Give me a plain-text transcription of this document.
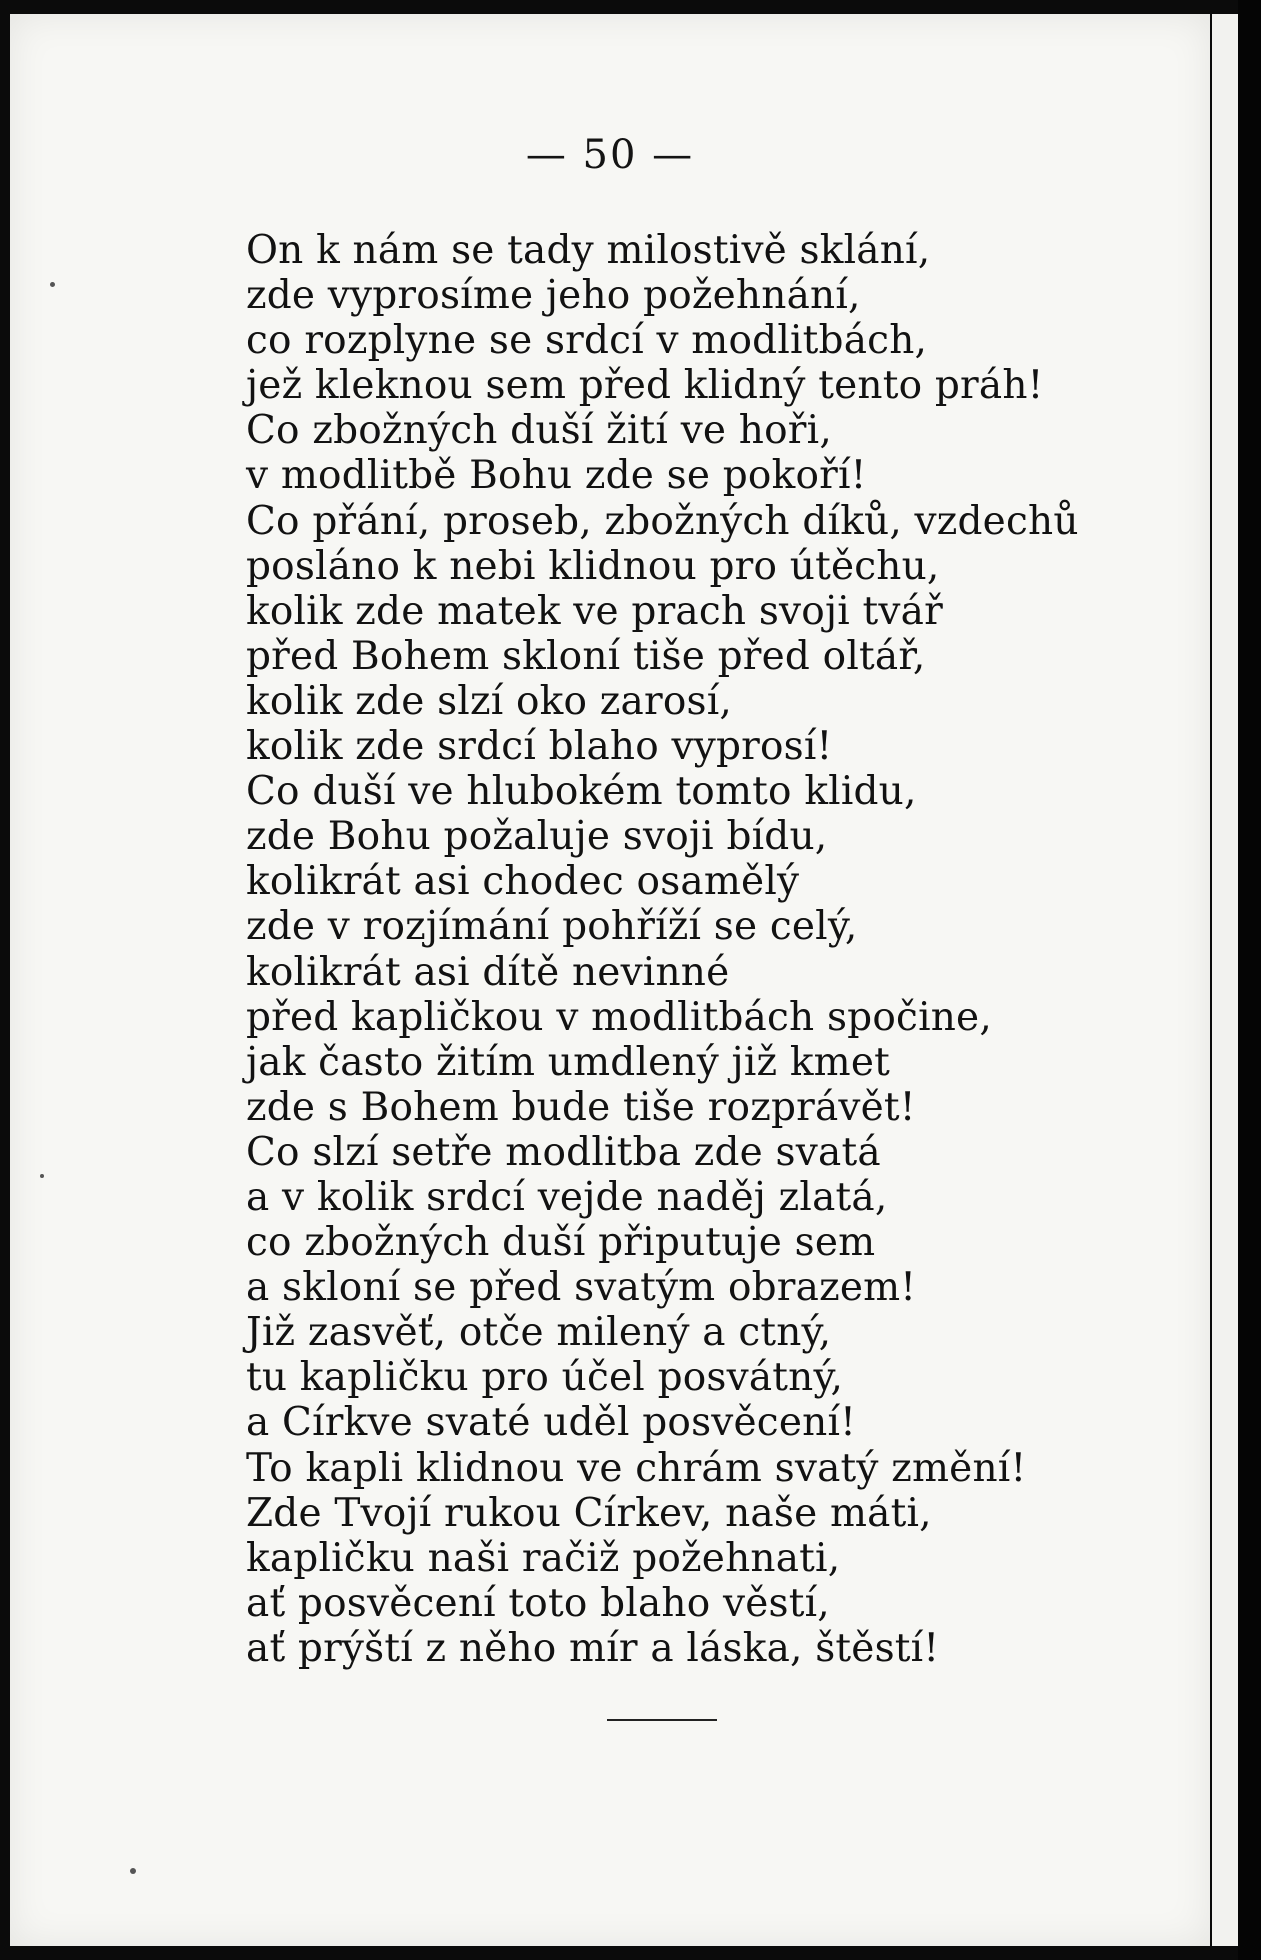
— 50 —
On k nám se tady milostivě sklání,
zde vyprosíme jeho požehnání,
co rozplyne se srdcí v modlitbách,
jež kleknou sem před klidný tento práh!
Co zbožných duší žití ve hoři,
v modlitbě Bohu zde se pokoří!
Co přání, proseb, zbožných díků, vzdechů
posláno k nebi klidnou pro útěchu,
kolik zde matek ve prach svoji tvář
před Bohem skloní tiše před oltář,
kolik zde slzí oko zarosí,
kolik zde srdcí blaho vyprosí!
Co duší ve hlubokém tomto klidu,
zde Bohu požaluje svoji bídu,
kolikrát asi chodec osamělý
zde v rozjímání pohříží se celý,
kolikrát asi dítě nevinné
před kapličkou v modlitbách spočine,
jak často žitím umdlený již kmet
zde s Bohem bude tiše rozprávět!
Co slzí setře modlitba zde svatá
a v kolik srdcí vejde naděj zlatá,
co zbožných duší připutuje sem
a skloní se před svatým obrazem!
Již zasvěť, otče milený a ctný,
tu kapličku pro účel posvátný,
a Církve svaté uděl posvěcení!
To kapli klidnou ve chrám svatý změní!
Zde Tvojí rukou Církev, naše máti,
kapličku naši račiž požehnati,
ať posvěcení toto blaho věstí,
ať prýští z něho mír a láska, štěstí!
